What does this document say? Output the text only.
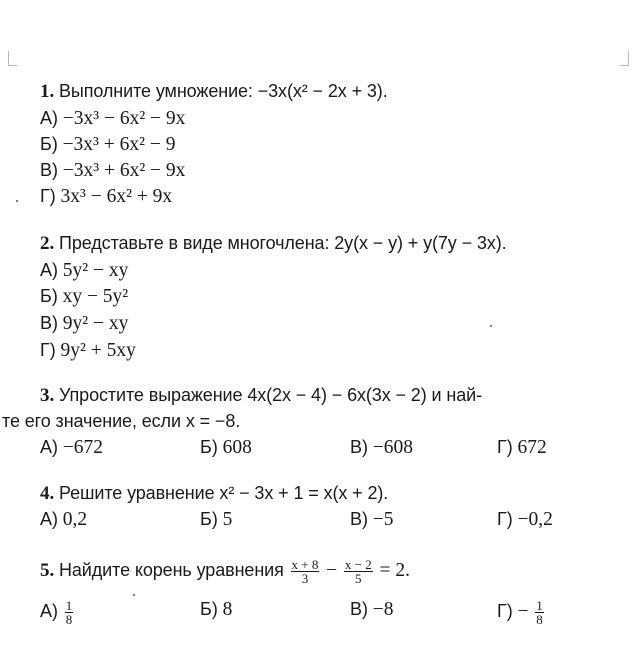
1. Выполните умножение: −3x(x² − 2x + 3).
А) −3x³ − 6x² − 9x
Б) −3x³ + 6x² − 9
В) −3x³ + 6x² − 9x
Г) 3x³ − 6x² + 9x
2. Представьте в виде многочлена: 2y(x − y) + y(7y − 3x).
А) 5y² − xy
Б) xy − 5y²
В) 9y² − xy
Г) 9y² + 5xy
3. Упростите выражение 4x(2x − 4) − 6x(3x − 2) и най-
те его значение, если x = −8.
А) −672	Б) 608	В) −608	Г) 672
4. Решите уравнение x² − 3x + 1 = x(x + 2).
А) 0,2	Б) 5	В) −5	Г) −0,2
5. Найдите корень уравнения $\frac{x + 8}{3} - \frac{x - 2}{5} = 2$.
$А) \frac{1}{8}$	Б) 8	В) −8	$Г) - \frac{1}{8}$
